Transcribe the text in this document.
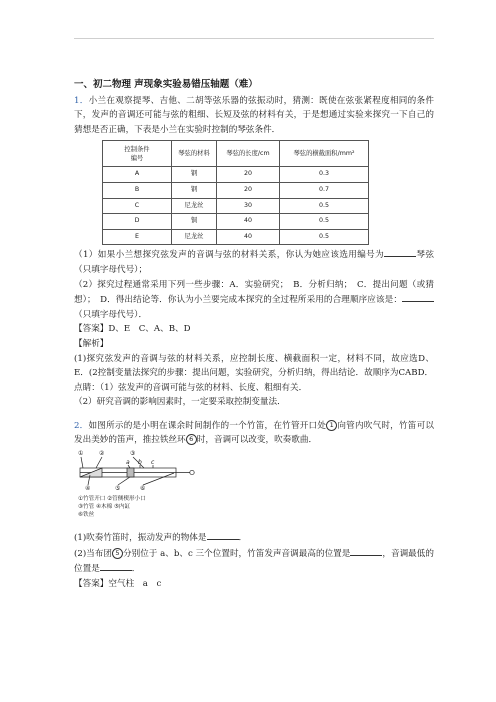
一、初二物理 声现象实验易错压轴题（难）

1．小兰在观察提琴、吉他、二胡等弦乐器的弦振动时，猜测：既使在弦张紧程度相同的条件下，发声的音调还可能与弦的粗细、长短及弦的材料有关，于是想通过实验来探究一下自己的猜想是否正确，下表是小兰在实验时控制的琴弦条件．

控制条件
编号	琴弦的材料	琴弦的长度/cm	琴弦的横截面积/mm²
A	钢	20	0.3
B	钢	20	0.7
C	尼龙丝	30	0.5
D	铜	40	0.5
E	尼龙丝	40	0.5

（1）如果小兰想探究弦发声的音调与弦的材料关系，你认为她应该选用编号为	琴弦（只填字母代号）；

（2）探究过程通常采用下列一些步骤：A．实验研究；　B．分析归纳；　C．提出问题（或猜想）；　D．得出结论等．你认为小兰要完成本探究的全过程所采用的合理顺序应该是：（只填字母代号）．

【答案】D、E　C、A、B、D

【解析】

(1)探究弦发声的音调与弦的材料关系，应控制长度、横截面积一定，材料不同，故应选D、E．(2控制变量法探究的步骤：提出问题，实验研究，分析归纳，得出结论．故顺序为CABD．

点睛：（1）弦发声的音调可能与弦的材料、长度、粗细有关．

（2）研究音调的影响因素时，一定要采取控制变量法．

2．如图所示的是小明在课余时间制作的一个竹笛，在竹管开口处 1 向管内吹气时，竹笛可以发出美妙的笛声，推拉铁丝环 6 时，音调可以改变，吹奏歌曲．

①	②	③
a b c
④	⑤	⑥
①竹管开口 ②管侧楔形小口
③竹管 ④木棉 ⑤内缸
⑥铁丝

(1)吹奏竹笛时，振动发声的物体是	．

(2)当布团 5 分别位于 a、b、c 三个位置时，竹笛发声音调最高的位置是	，音调最低的位置是	．

【答案】空气柱　a　c
